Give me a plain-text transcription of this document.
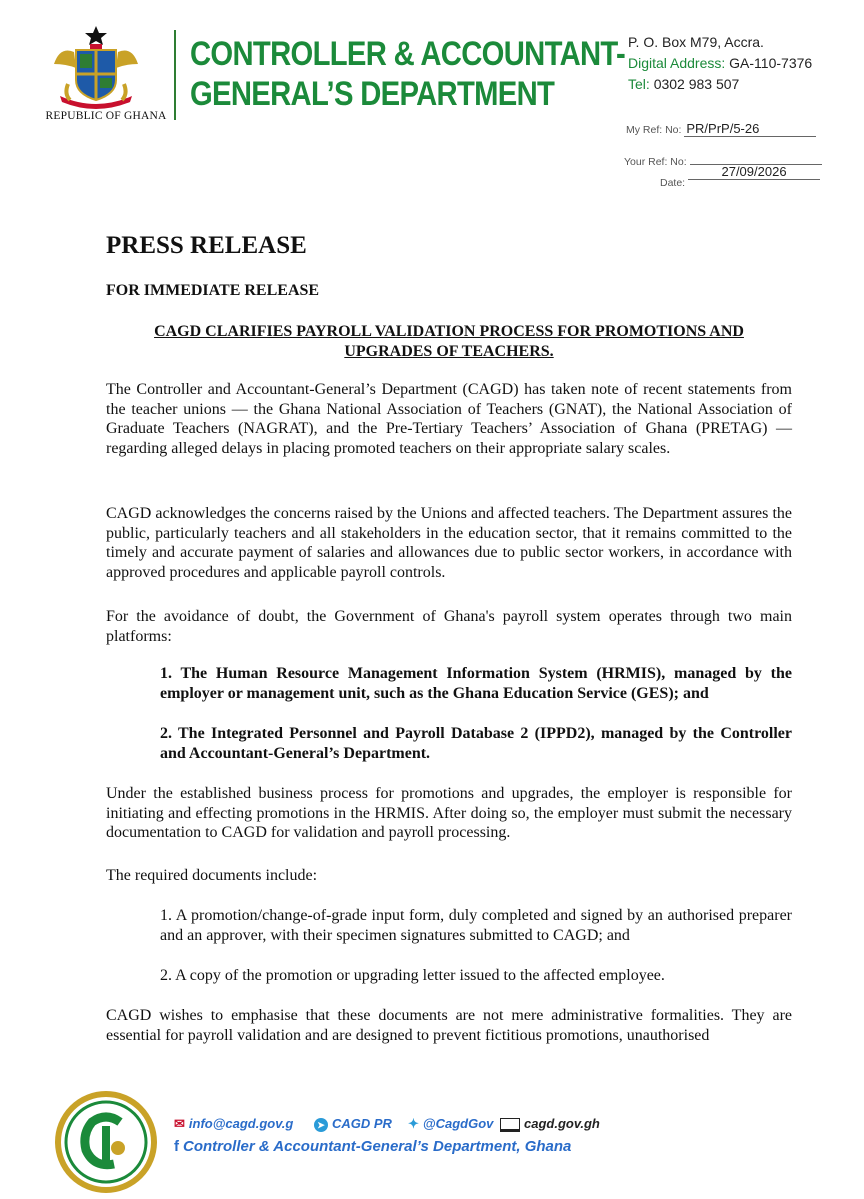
REPUBLIC OF GHANA
CONTROLLER & ACCOUNTANT-
GENERAL’S DEPARTMENT
P. O. Box M79, Accra.
Digital Address: GA-110-7376
Tel: 0302 983 507
My Ref: No: PR/PrP/5-26
Your Ref: No:
Date: 27/09/2026
PRESS RELEASE
FOR IMMEDIATE RELEASE
CAGD CLARIFIES PAYROLL VALIDATION PROCESS FOR PROMOTIONS AND
UPGRADES OF TEACHERS.
The Controller and Accountant-General’s Department (CAGD) has taken note of recent statements from the teacher unions — the Ghana National Association of Teachers (GNAT), the National Association of Graduate Teachers (NAGRAT), and the Pre-Tertiary Teachers’ Association of Ghana (PRETAG) — regarding alleged delays in placing promoted teachers on their appropriate salary scales.
CAGD acknowledges the concerns raised by the Unions and affected teachers. The Department assures the public, particularly teachers and all stakeholders in the education sector, that it remains committed to the timely and accurate payment of salaries and allowances due to public sector workers, in accordance with approved procedures and applicable payroll controls.
For the avoidance of doubt, the Government of Ghana's payroll system operates through two main platforms:
1. The Human Resource Management Information System (HRMIS), managed by the employer or management unit, such as the Ghana Education Service (GES); and
2. The Integrated Personnel and Payroll Database 2 (IPPD2), managed by the Controller and Accountant-General’s Department.
Under the established business process for promotions and upgrades, the employer is responsible for initiating and effecting promotions in the HRMIS. After doing so, the employer must submit the necessary documentation to CAGD for validation and payroll processing.
The required documents include:
1. A promotion/change-of-grade input form, duly completed and signed by an authorised preparer and an approver, with their specimen signatures submitted to CAGD; and
2. A copy of the promotion or upgrading letter issued to the affected employee.
CAGD wishes to emphasise that these documents are not mere administrative formalities. They are essential for payroll validation and are designed to prevent fictitious promotions, unauthorised
✉ info@cagd.gov.g	➤ CAGD PR ✦ @CagdGov	cagd.gov.gh
f Controller & Accountant-General’s Department, Ghana
